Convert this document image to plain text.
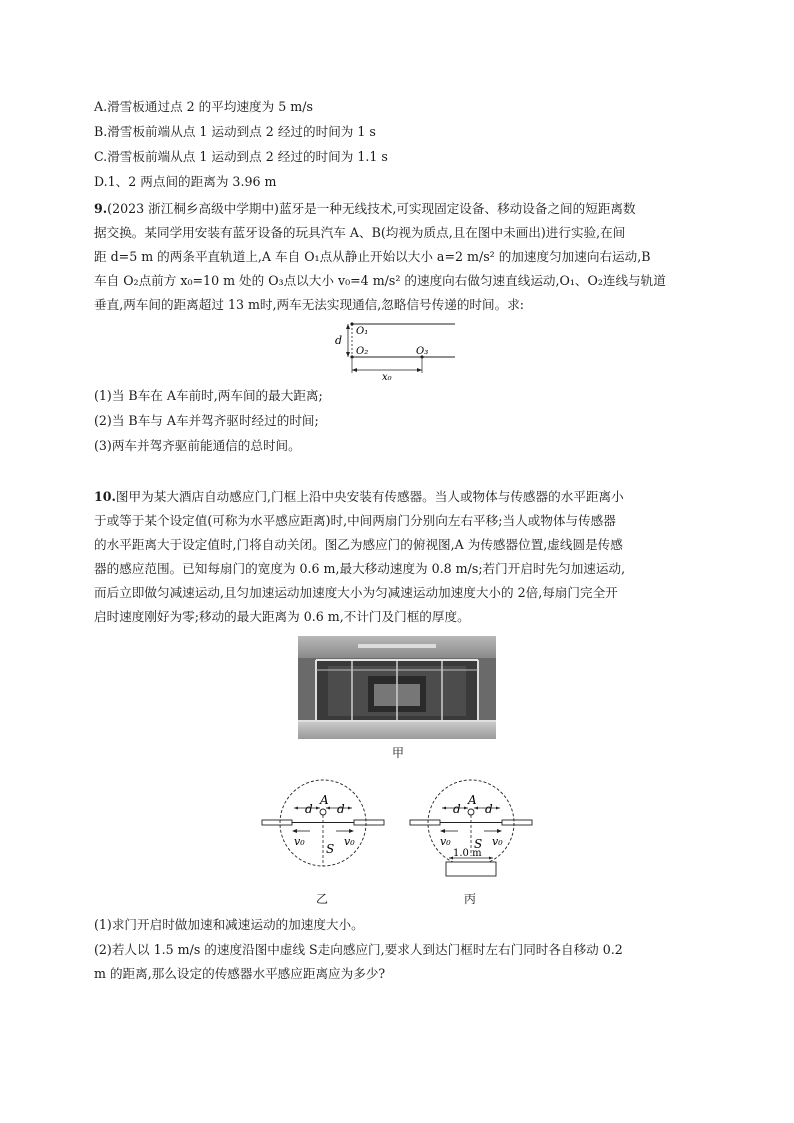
A.滑雪板通过点 2 的平均速度为 5 m/s
B.滑雪板前端从点 1 运动到点 2 经过的时间为 1 s
C.滑雪板前端从点 1 运动到点 2 经过的时间为 1.1 s
D.1、2 两点间的距离为 3.96 m
9.(2023 浙江桐乡高级中学期中)蓝牙是一种无线技术,可实现固定设备、移动设备之间的短距离数
据交换。某同学用安装有蓝牙设备的玩具汽车 A、B(均视为质点,且在图中未画出)进行实验,在间
距 d=5 m 的两条平直轨道上,A 车自 O₁点从静止开始以大小 a=2 m/s² 的加速度匀加速向右运动,B
车自 O₂点前方 x₀=10 m 处的 O₃点以大小 v₀=4 m/s² 的速度向右做匀速直线运动,O₁、O₂连线与轨道
垂直,两车间的距离超过 13 m时,两车无法实现通信,忽略信号传递的时间。求:
d
O₁
O₂	O₃
x₀
(1)当 B车在 A车前时,两车间的最大距离;
(2)当 B车与 A车并驾齐驱时经过的时间;
(3)两车并驾齐驱前能通信的总时间。
10.图甲为某大酒店自动感应门,门框上沿中央安装有传感器。当人或物体与传感器的水平距离小
于或等于某个设定值(可称为水平感应距离)时,中间两扇门分别向左右平移;当人或物体与传感器
的水平距离大于设定值时,门将自动关闭。图乙为感应门的俯视图,A 为传感器位置,虚线圆是传感
器的感应范围。已知每扇门的宽度为 0.6 m,最大移动速度为 0.8 m/s;若门开启时先匀加速运动,
而后立即做匀减速运动,且匀加速运动加速度大小为匀减速运动加速度大小的 2倍,每扇门完全开
启时速度刚好为零;移动的最大距离为 0.6 m,不计门及门框的厚度。
甲
A
d d
v₀	v₀
S
乙
A
d d
v₀	v₀
S
1.0 m
丙
(1)求门开启时做加速和减速运动的加速度大小。
(2)若人以 1.5 m/s 的速度沿图中虚线 S走向感应门,要求人到达门框时左右门同时各自移动 0.2
m 的距离,那么设定的传感器水平感应距离应为多少?
